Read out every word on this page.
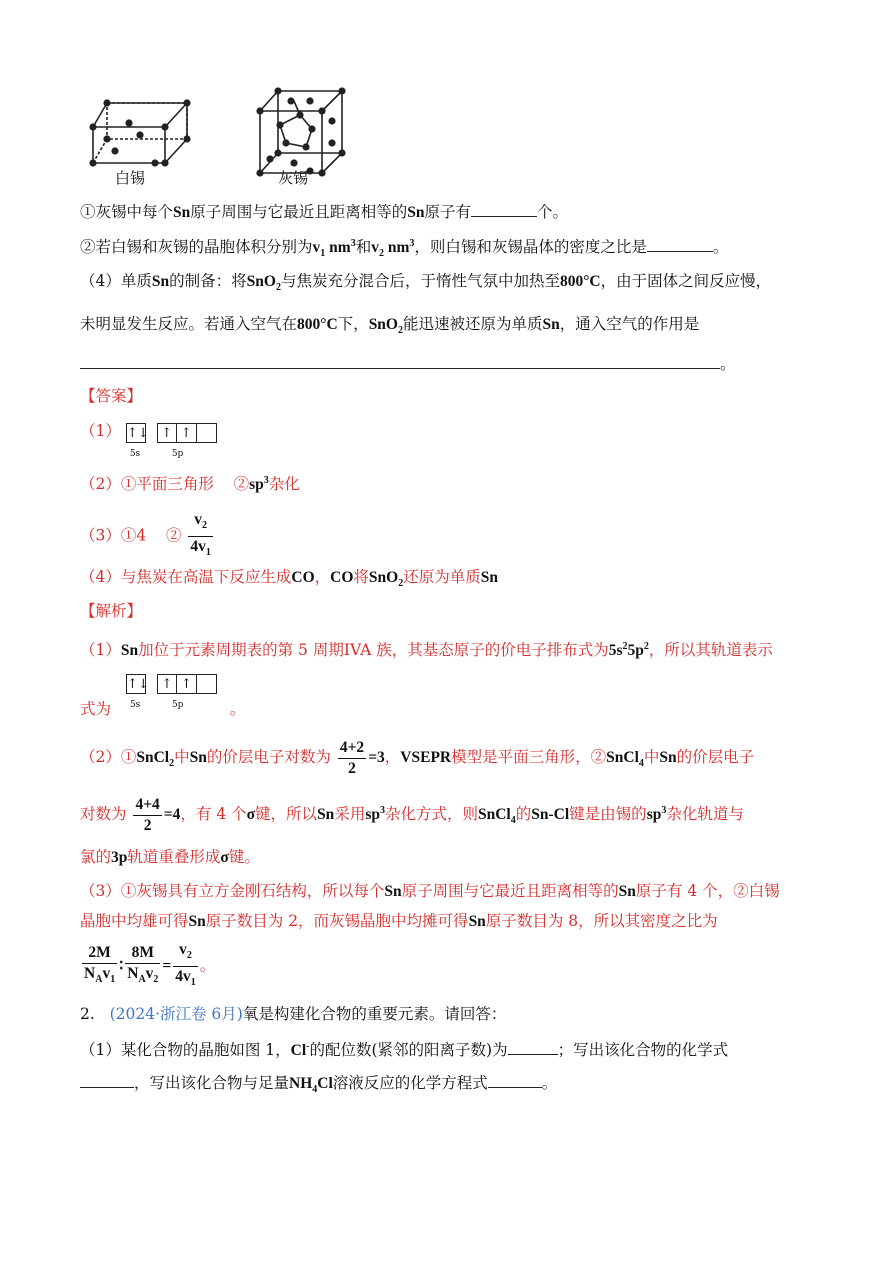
白锡	灰锡
①灰锡中每个Sn原子周围与它最近且距离相等的Sn原子有	个。
②若白锡和灰锡的晶胞体积分别为$v_1$ $nm^3$和$v_2$ $nm^3$，则白锡和灰锡晶体的密度之比是	。
（4）单质Sn的制备：将SnO$_2$与焦炭充分混合后，于惰性气氛中加热至800°C，由于固体之间反应慢，
未明显发生反应。若通入空气在800°C下，SnO$_2$能迅速被还原为单质Sn，通入空气的作用是
。
【答案】
（1） ↑↓ ↑ ↑
5s	5p
（2）①平面三角形 $②sp^3$杂化
（3）①4 ② $\frac{v_2}{4v_1}$
（4）与焦炭在高温下反应生成CO，CO将SnO$_2$还原为单质Sn
【解析】
（1）Sn加位于元素周期表的第 5 周期IVA 族，其基态原子的价电子排布式为$5s^25p^2$，所以其轨道表示
式为 ↑↓ ↑ ↑
5s	5p	。
（2）①SnCl$_2$中Sn的价层电子对数为 $\frac{4+2}{2} =3$，VSEPR模型是平面三角形，②SnCl$_4$中Sn的价层电子
对数为 $\frac{4+4}{2} =4$，有 4 个σ键，所以Sn采用$sp^3$杂化方式，则SnCl$_4$的Sn-Cl键是由锡的$sp^3$杂化轨道与
氯的3p轨道重叠形成σ键。
（3）①灰锡具有立方金刚石结构，所以每个Sn原子周围与它最近且距离相等的Sn原子有 4 个，②白锡
晶胞中均雄可得Sn原子数目为 2，而灰锡晶胞中均摊可得Sn原子数目为 8，所以其密度之比为
$\frac{2M}{N_Av_1}$ ∶ $\frac{8M}{N_Av_2} = \frac{v_2}{4v_1}$ 。
2. (2024·浙江卷 6月)氧是构建化合物的重要元素。请回答：
（1）某化合物的晶胞如图 1，Cl-的配位数(紧邻的阳离子数)为	；写出该化合物的化学式
，写出该化合物与足量$NH_4Cl$溶液反应的化学方程式	。
